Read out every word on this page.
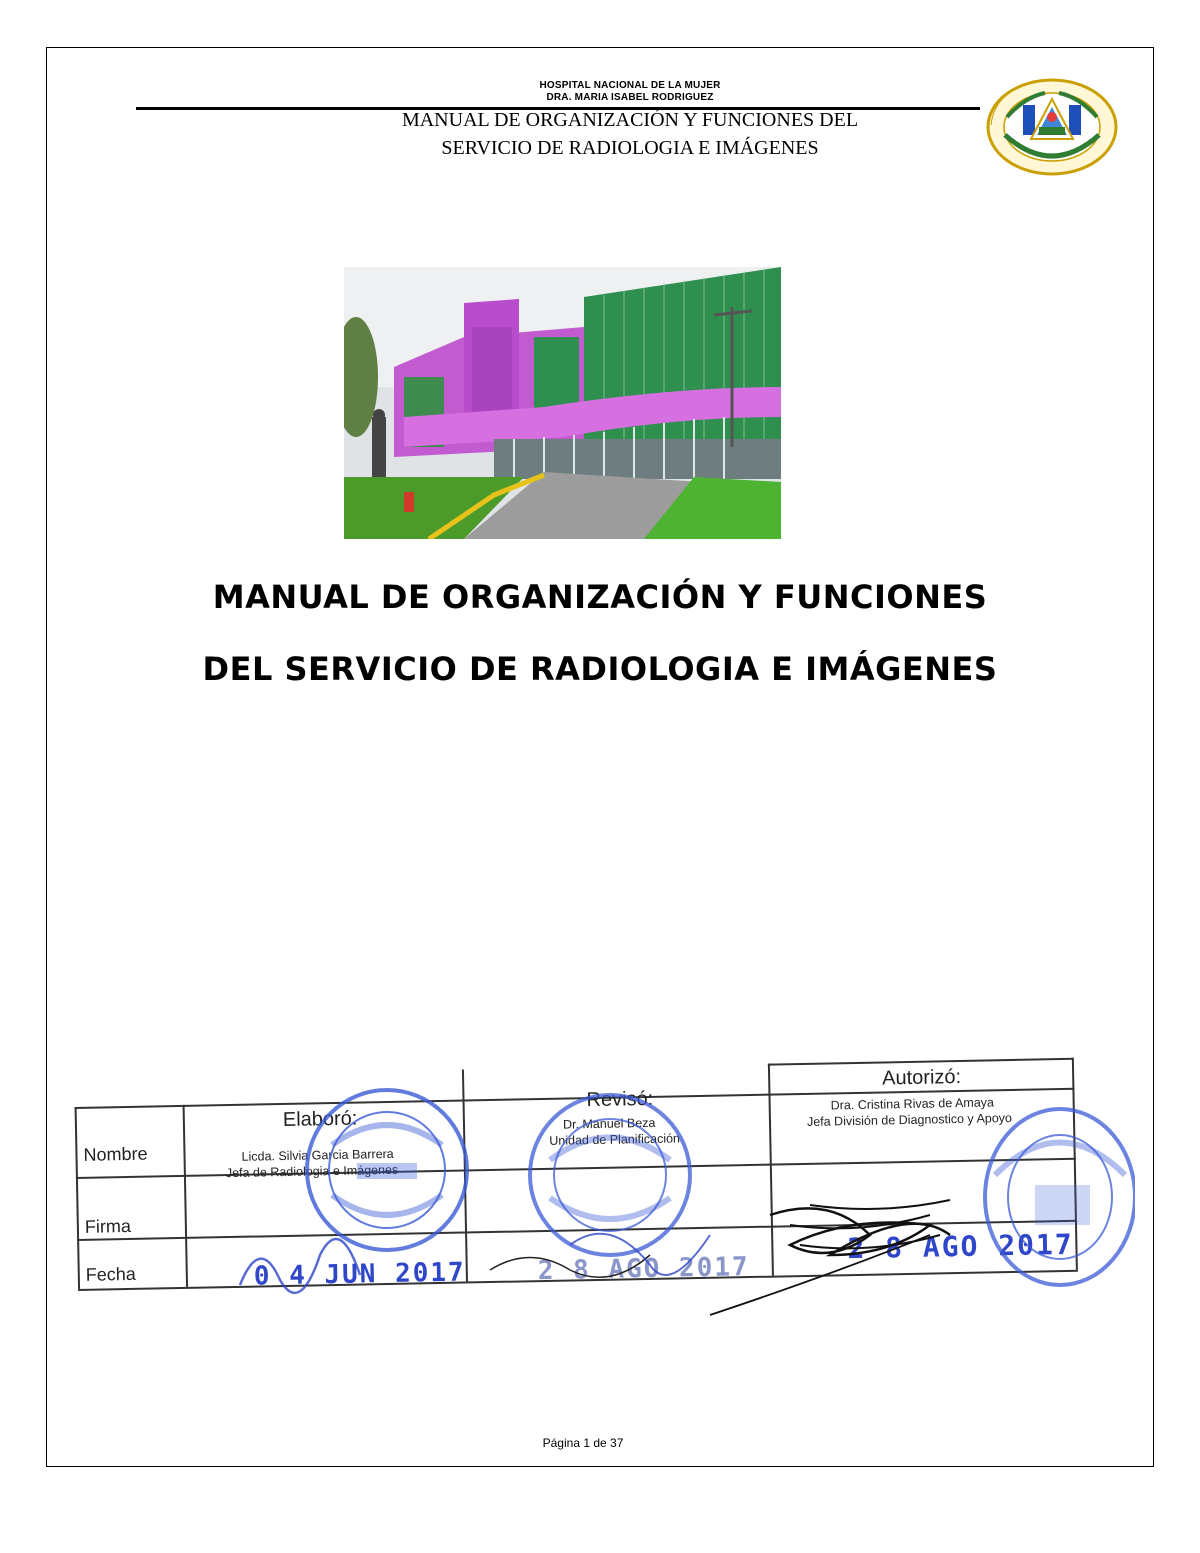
HOSPITAL NACIONAL DE LA MUJER
DRA. MARIA ISABEL RODRIGUEZ
MANUAL DE ORGANIZACIÓN Y FUNCIONES DEL
SERVICIO DE RADIOLOGIA E IMÁGENES
MANUAL DE ORGANIZACIÓN Y FUNCIONES
DEL SERVICIO DE RADIOLOGIA E IMÁGENES
Nombre
Firma
Fecha
Elaboró:
Revisó:
Autorizó:
Licda. Silvia Garcia Barrera
Jefa de Radiologia e Imágenes
Dr. Manuel Beza
Unidad de Planificación
Dra. Cristina Rivas de Amaya
Jefa División de Diagnostico y Apoyo
0 4 JUN 2017	2 8 AGO 2017
2 8 AGO 2017
Página 1 de 37
